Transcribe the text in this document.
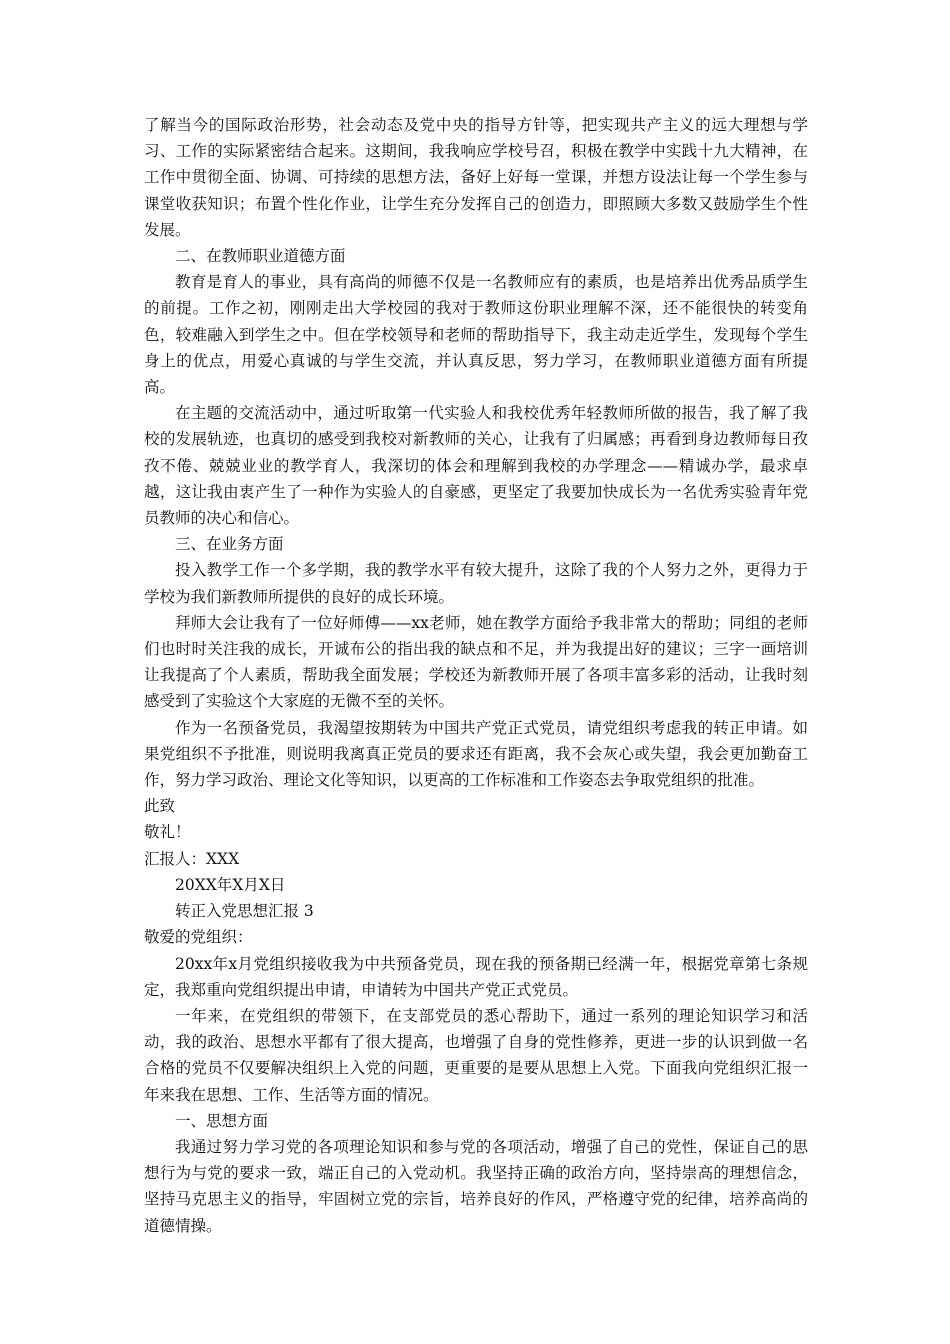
了解当今的国际政治形势，社会动态及党中央的指导方针等，把实现共产主义的远大理想与学习、工作的实际紧密结合起来。这期间，我我响应学校号召，积极在教学中实践十九大精神，在工作中贯彻全面、协调、可持续的思想方法，备好上好每一堂课，并想方设法让每一个学生参与课堂收获知识；布置个性化作业，让学生充分发挥自己的创造力，即照顾大多数又鼓励学生个性发展。

二、在教师职业道德方面

教育是育人的事业，具有高尚的师德不仅是一名教师应有的素质，也是培养出优秀品质学生的前提。工作之初，刚刚走出大学校园的我对于教师这份职业理解不深，还不能很快的转变角色，较难融入到学生之中。但在学校领导和老师的帮助指导下，我主动走近学生，发现每个学生身上的优点，用爱心真诚的与学生交流，并认真反思，努力学习，在教师职业道德方面有所提高。

在主题的交流活动中，通过听取第一代实验人和我校优秀年轻教师所做的报告，我了解了我校的发展轨迹，也真切的感受到我校对新教师的关心，让我有了归属感；再看到身边教师每日孜孜不倦、兢兢业业的教学育人，我深切的体会和理解到我校的办学理念——精诚办学，最求卓越，这让我由衷产生了一种作为实验人的自豪感，更坚定了我要加快成长为一名优秀实验青年党员教师的决心和信心。

三、在业务方面

投入教学工作一个多学期，我的教学水平有较大提升，这除了我的个人努力之外，更得力于学校为我们新教师所提供的良好的成长环境。

拜师大会让我有了一位好师傅——xx老师，她在教学方面给予我非常大的帮助；同组的老师们也时时关注我的成长，开诚布公的指出我的缺点和不足，并为我提出好的建议；三字一画培训让我提高了个人素质，帮助我全面发展；学校还为新教师开展了各项丰富多彩的活动，让我时刻感受到了实验这个大家庭的无微不至的关怀。

作为一名预备党员，我渴望按期转为中国共产党正式党员，请党组织考虑我的转正申请。如果党组织不予批准，则说明我离真正党员的要求还有距离，我不会灰心或失望，我会更加勤奋工作，努力学习政治、理论文化等知识，以更高的工作标准和工作姿态去争取党组织的批准。

此致

敬礼！

汇报人：XXX

20XX年X月X日

转正入党思想汇报 3

敬爱的党组织：

20xx年x月党组织接收我为中共预备党员，现在我的预备期已经满一年，根据党章第七条规定，我郑重向党组织提出申请，申请转为中国共产党正式党员。

一年来，在党组织的带领下，在支部党员的悉心帮助下，通过一系列的理论知识学习和活动，我的政治、思想水平都有了很大提高，也增强了自身的党性修养，更进一步的认识到做一名合格的党员不仅要解决组织上入党的问题，更重要的是要从思想上入党。下面我向党组织汇报一年来我在思想、工作、生活等方面的情况。

一、思想方面

我通过努力学习党的各项理论知识和参与党的各项活动，增强了自己的党性，保证自己的思想行为与党的要求一致，端正自己的入党动机。我坚持正确的政治方向，坚持崇高的理想信念，坚持马克思主义的指导，牢固树立党的宗旨，培养良好的作风，严格遵守党的纪律，培养高尚的道德情操。
